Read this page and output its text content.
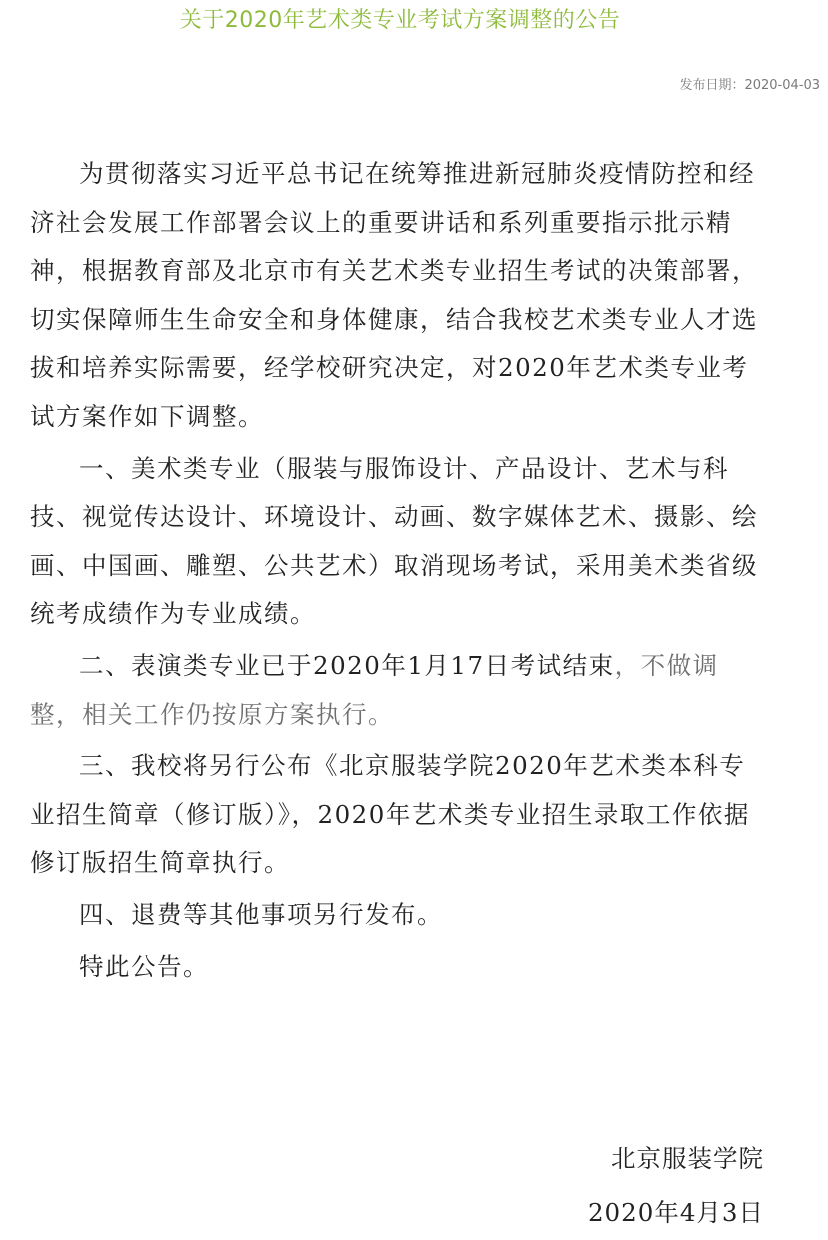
关于2020年艺术类专业考试方案调整的公告
发布日期：2020-04-03

为贯彻落实习近平总书记在统筹推进新冠肺炎疫情防控和经济社会发展工作部署会议上的重要讲话和系列重要指示批示精神，根据教育部及北京市有关艺术类专业招生考试的决策部署，切实保障师生生命安全和身体健康，结合我校艺术类专业人才选拔和培养实际需要，经学校研究决定，对2020年艺术类专业考试方案作如下调整。

一、美术类专业（服装与服饰设计、产品设计、艺术与科技、视觉传达设计、环境设计、动画、数字媒体艺术、摄影、绘画、中国画、雕塑、公共艺术）取消现场考试，采用美术类省级统考成绩作为专业成绩。

二、表演类专业已于2020年1月17日考试结束，不做调整，相关工作仍按原方案执行。

三、我校将另行公布《北京服装学院2020年艺术类本科专业招生简章（修订版）》，2020年艺术类专业招生录取工作依据修订版招生简章执行。

四、退费等其他事项另行发布。

特此公告。

北京服装学院
2020年4月3日
